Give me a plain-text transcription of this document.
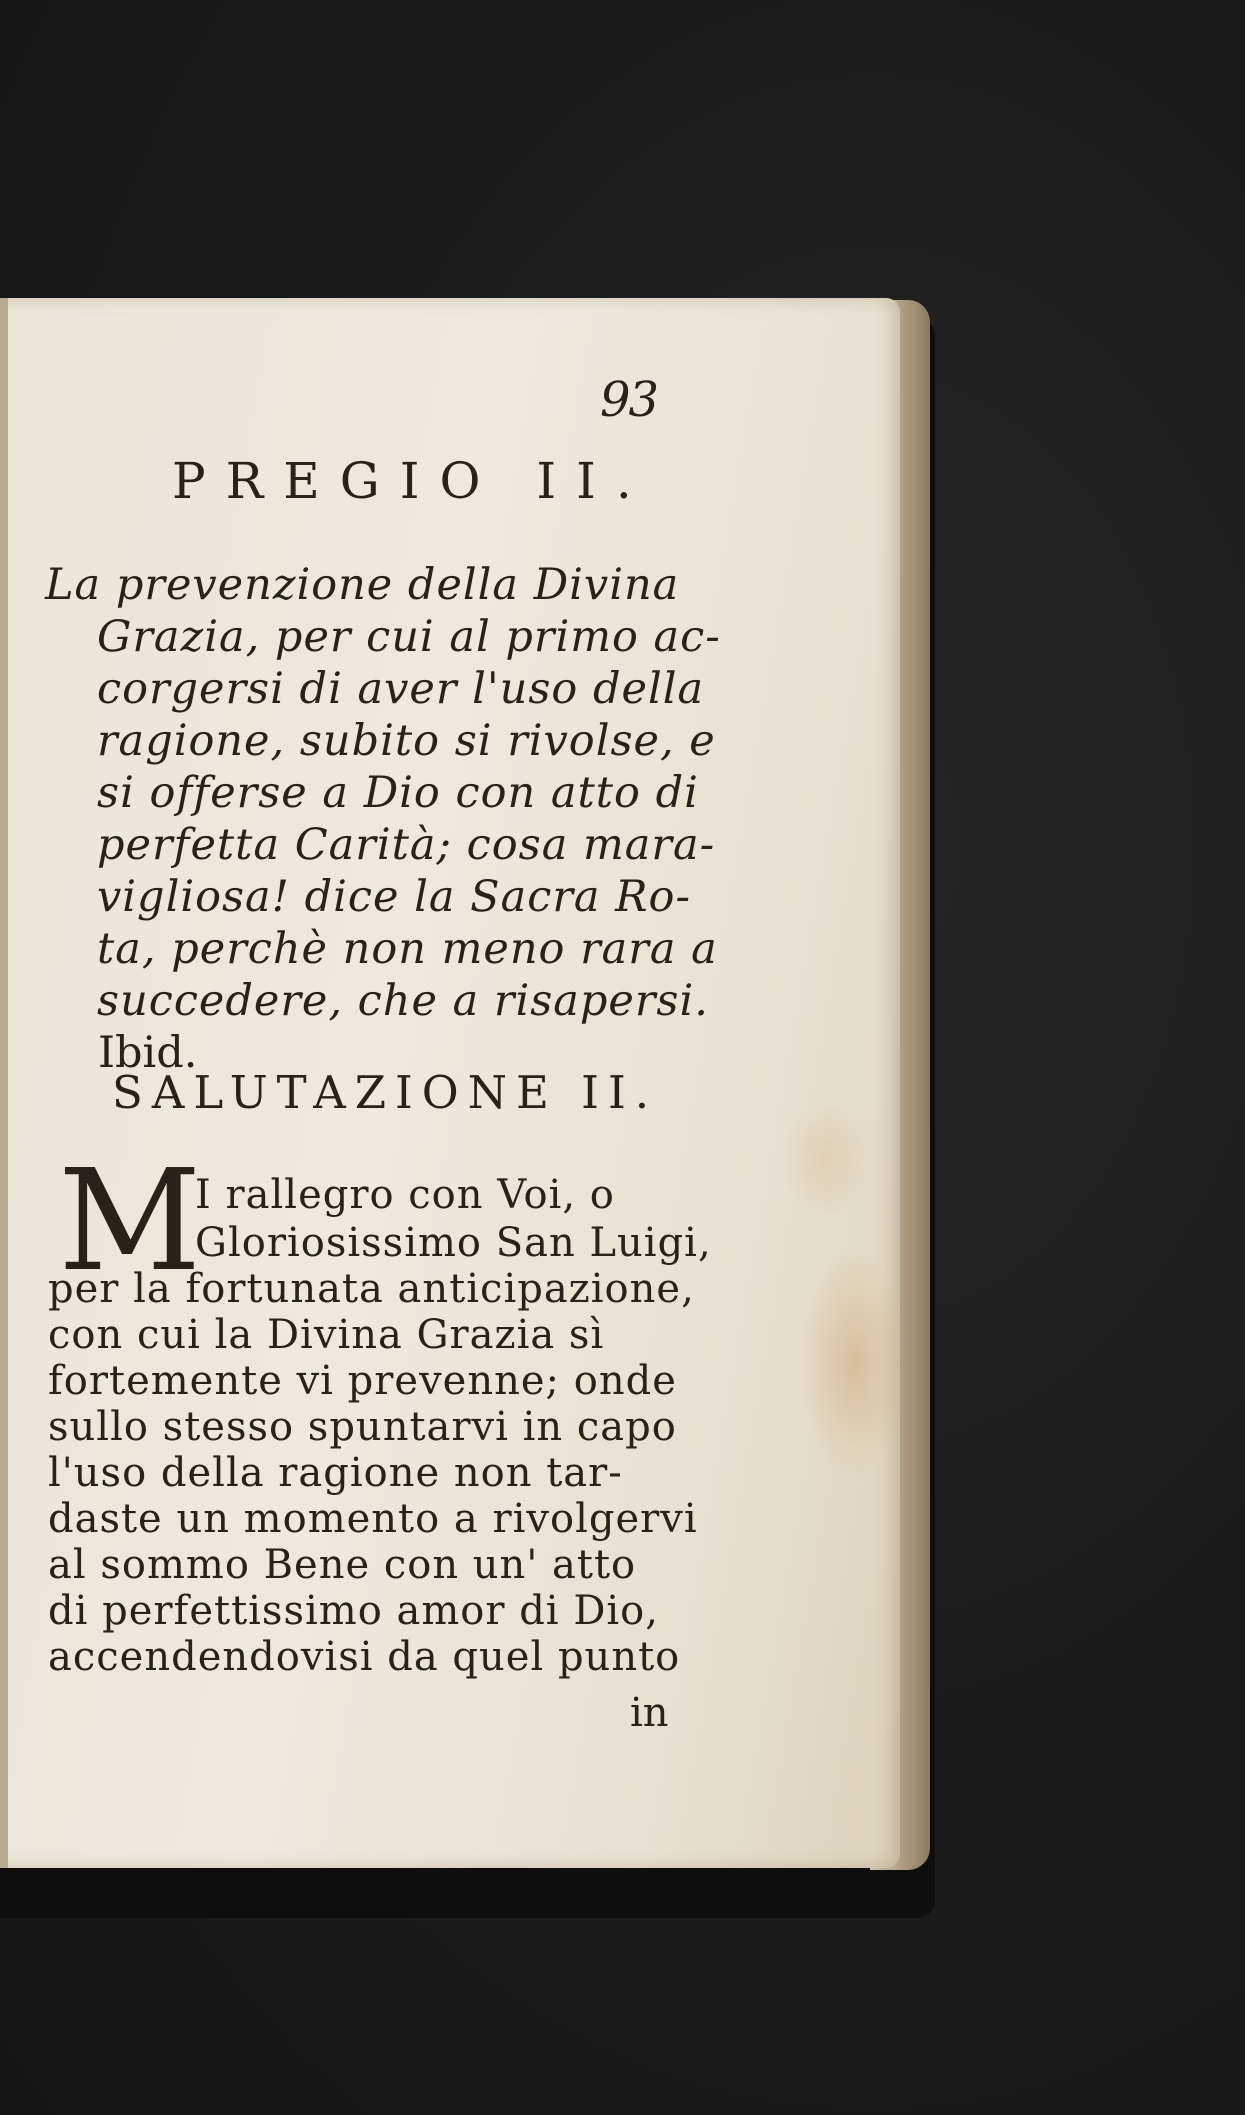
93
PREGIO II.
La prevenzione della Divina
Grazia, per cui al primo ac-
corgersi di aver l'uso della
ragione, subito si rivolse, e
si offerse a Dio con atto di
perfetta Carità; cosa mara-
vigliosa! dice la Sacra Ro-
ta, perchè non meno rara a
succedere, che a risapersi.
Ibid.
SALUTAZIONE II.
M
I rallegro con Voi, o
Gloriosissimo San Luigi,
per la fortunata anticipazione,
con cui la Divina Grazia sì
fortemente vi prevenne; onde
sullo stesso spuntarvi in capo
l'uso della ragione non tar-
daste un momento a rivolgervi
al sommo Bene con un' atto
di perfettissimo amor di Dio,
accendendovisi da quel punto
in
